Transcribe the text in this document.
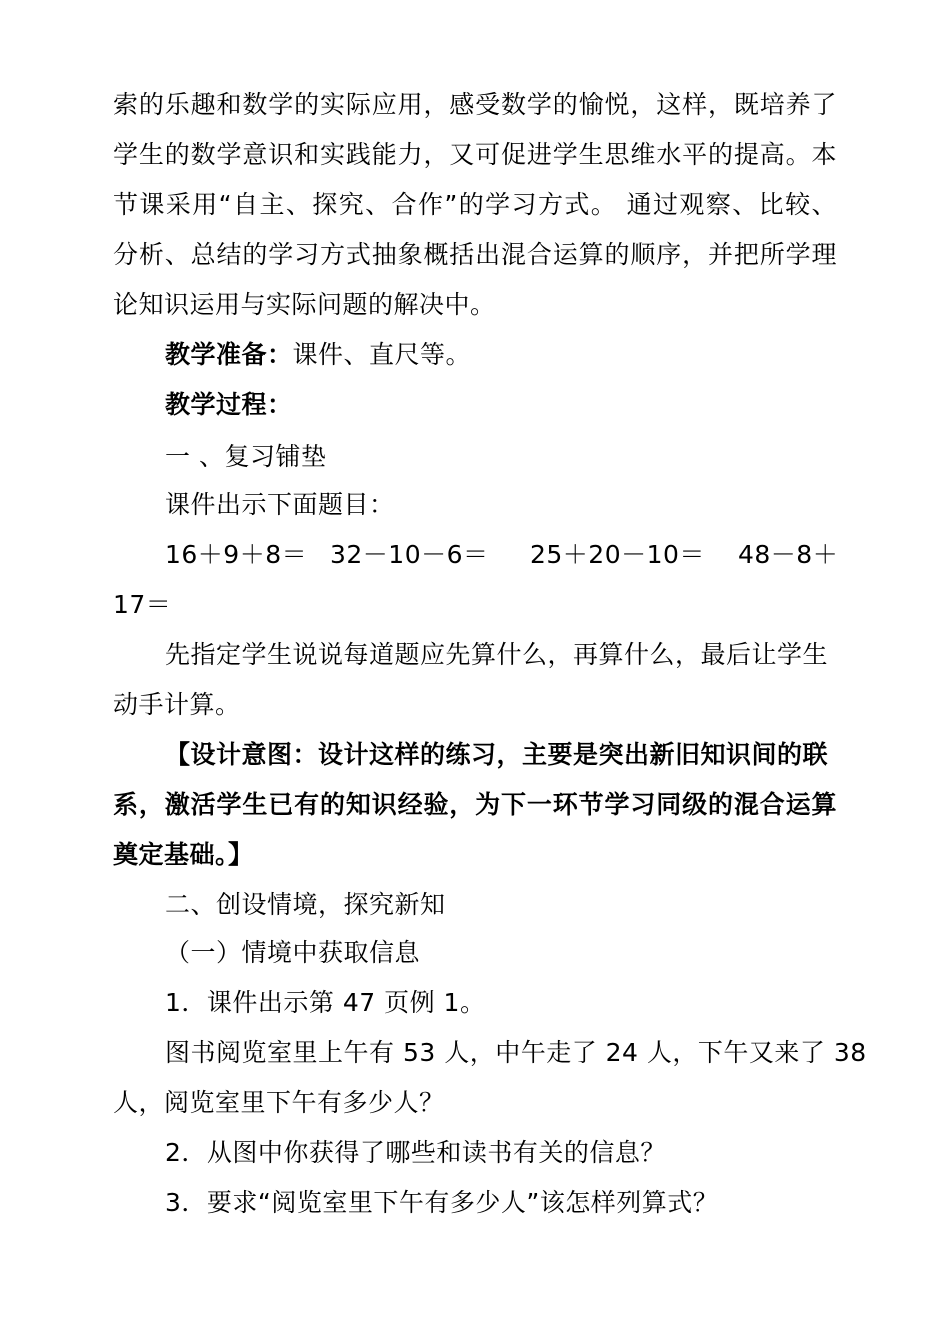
索的乐趣和数学的实际应用，感受数学的愉悦，这样，既培养了
学生的数学意识和实践能力，又可促进学生思维水平的提高。本
节课采用“自主、探究、合作”的学习方式。 通过观察、比较、
分析、总结的学习方式抽象概括出混合运算的顺序，并把所学理
论知识运用与实际问题的解决中。
教学准备：课件、直尺等。
教学过程：
一 、复习铺垫
课件出示下面题目：
16＋9＋8＝ 32－10－6＝ 25＋20－10＝ 48－8＋
17＝
先指定学生说说每道题应先算什么，再算什么，最后让学生
动手计算。
【设计意图：设计这样的练习，主要是突出新旧知识间的联
系，激活学生已有的知识经验，为下一环节学习同级的混合运算
奠定基础。】
二、创设情境，探究新知
（一）情境中获取信息
1．课件出示第 47 页例 1。
图书阅览室里上午有 53 人，中午走了 24 人，下午又来了 38
人，阅览室里下午有多少人？
2．从图中你获得了哪些和读书有关的信息？
3．要求“阅览室里下午有多少人”该怎样列算式？
